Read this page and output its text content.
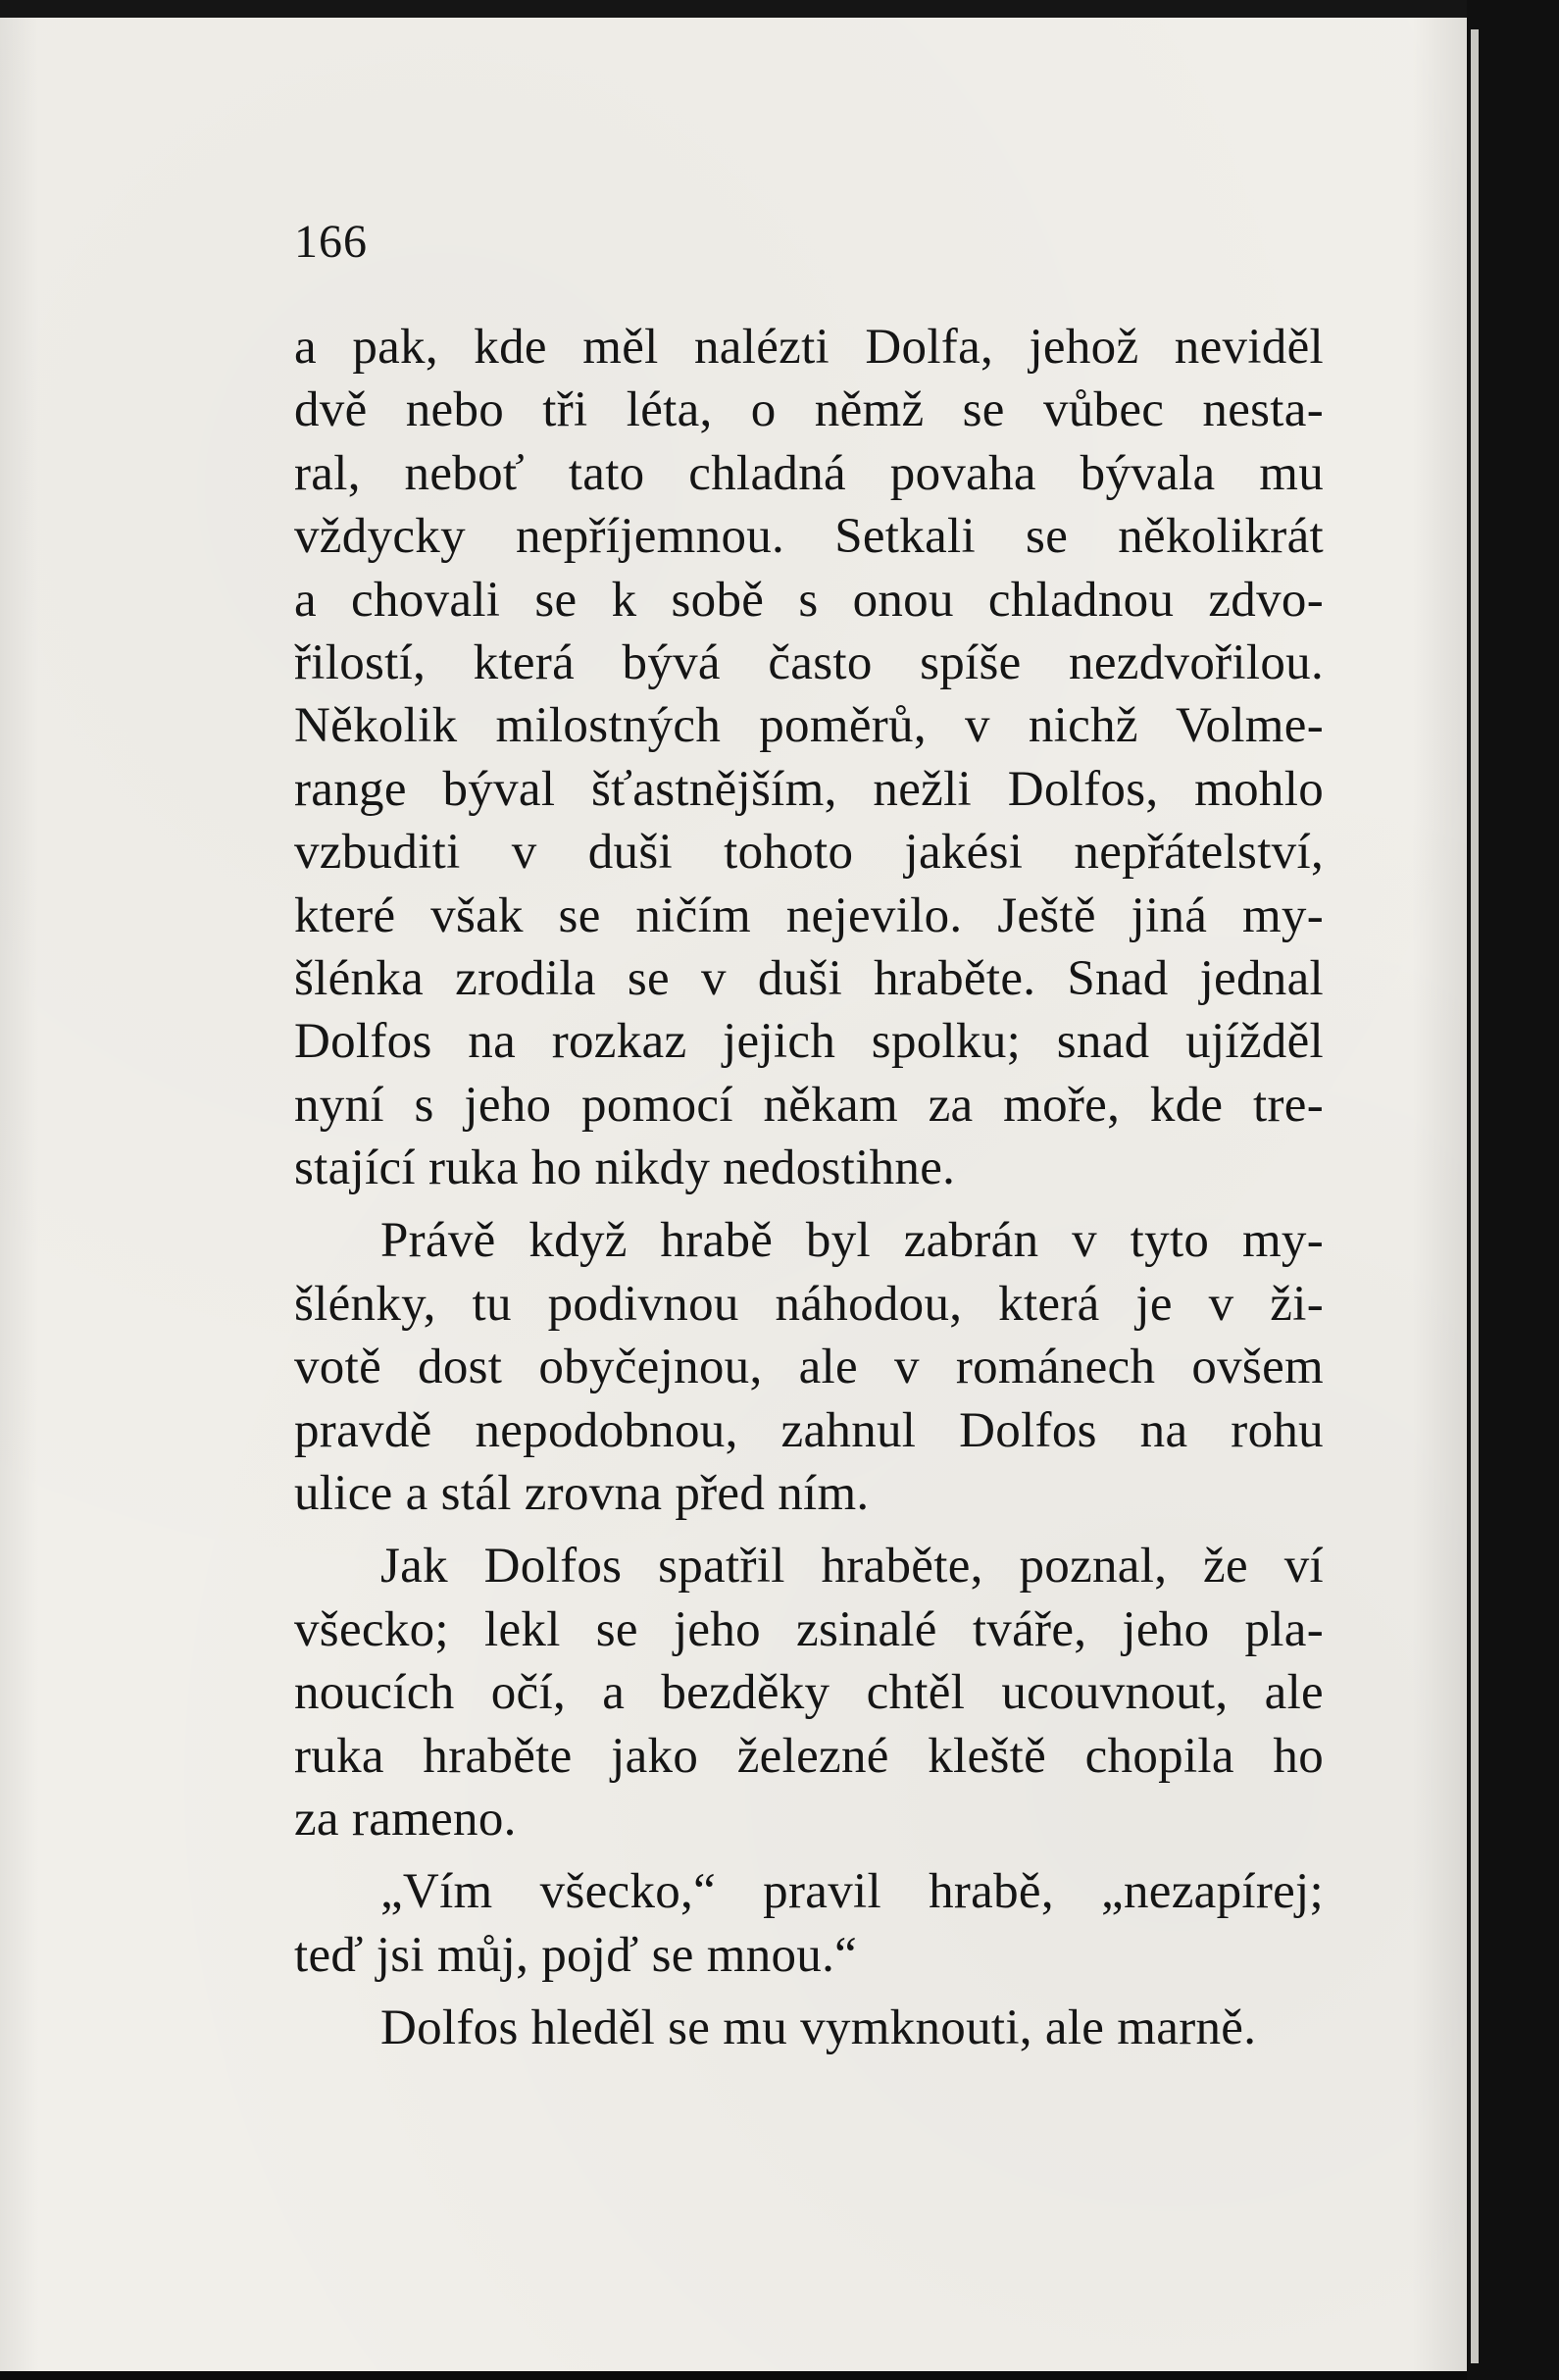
166
a pak, kde měl nalézti Dolfa, jehož neviděl
dvě nebo tři léta, o němž se vůbec nesta-
ral, neboť tato chladná povaha bývala mu
vždycky nepříjemnou. Setkali se několikrát
a chovali se k sobě s onou chladnou zdvo-
řilostí, která bývá často spíše nezdvořilou.
Několik milostných poměrů, v nichž Volme-
range býval šťastnějším, nežli Dolfos, mohlo
vzbuditi v duši tohoto jakési nepřátelství,
které však se ničím nejevilo. Ještě jiná my-
šlénka zrodila se v duši hraběte. Snad jednal
Dolfos na rozkaz jejich spolku; snad ujížděl
nyní s jeho pomocí někam za moře, kde tre-
stající ruka ho nikdy nedostihne.
Právě když hrabě byl zabrán v tyto my-
šlénky, tu podivnou náhodou, která je v ži-
votě dost obyčejnou, ale v románech ovšem
pravdě nepodobnou, zahnul Dolfos na rohu
ulice a stál zrovna před ním.
Jak Dolfos spatřil hraběte, poznal, že ví
všecko; lekl se jeho zsinalé tváře, jeho pla-
noucích očí, a bezděky chtěl ucouvnout, ale
ruka hraběte jako železné kleště chopila ho
za rameno.
„Vím všecko,“ pravil hrabě, „nezapírej;
teď jsi můj, pojď se mnou.“
Dolfos hleděl se mu vymknouti, ale marně.
